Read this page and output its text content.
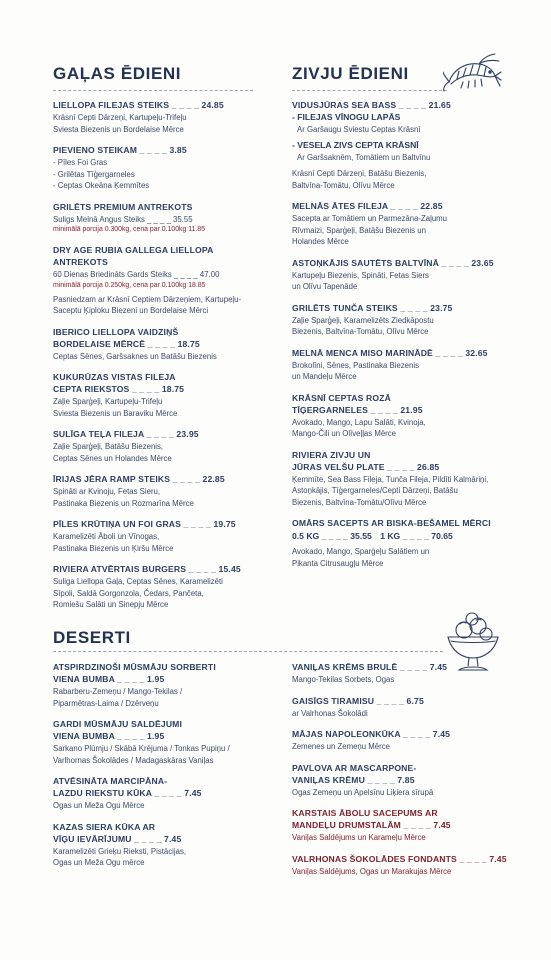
GAĻAS ĒDIENI
LIELLOPA FILEJAS STEIKS _ _ _ _ 24.85
Krāsnī Cepti Dārzeņi, Kartupeļu-Trifeļu
Sviesta Biezenis un Bordelaise Mērce
PIEVIENO STEIKAM _ _ _ _ 3.85
- Pīles Foi Gras
- Grilētas Tīģergarneles
- Ceptas Okeāna Ķemmītes
GRILĒTS PREMIUM ANTREKOTS
Suligs Melnā Angus Steiks _ _ _ _ 35.55
minimālā porcija 0.300kg, cena par 0.100kg 11.85
DRY AGE RUBIA GALLEGA LIELLOPA ANTREKOTS
60 Dienas Briedināts Gards Steiks _ _ _ _ 47.00
minimālā porcija 0.250kg, cena par 0.100kg 18.85
Pasniedzam ar Krāsnī Ceptiem Dārzeņiem, Kartupeļu-
Saceptu Ķiploku Biezeni un Bordelaise Mērci
IBERICO LIELLOPA VAIDZIŅŠ
BORDELAISE MĒRCĒ _ _ _ _ 18.75
Ceptas Sēnes, Garšsaknes un Batāšu Biezenis
KUKURŪZAS VISTAS FILEJA
CEPTA RIEKSTOS _ _ _ _ 18.75
Zaļie Sparģeļi, Kartupeļu-Trifeļu
Sviesta Biezenis un Baraviku Mērce
SULĪGA TEĻA FILEJA _ _ _ _ 23.95
Zaļie Sparģeļi, Batāšu Biezenis,
Ceptas Sēnes un Holandes Mērce
ĪRIJAS JĒRA RAMP STEIKS _ _ _ _ 22.85
Spināti ar Kvinoju, Fetas Sieru,
Pastinaka Biezenis un Rozmarīna Mērce
PĪLES KRŪTIŅA UN FOI GRAS _ _ _ _ 19.75
Karamelizēti Āboli un Vīnogas,
Pastinaka Biezenis un Ķiršu Mērce
RIVIERA ATVĒRTAIS BURGERS _ _ _ _ 15.45
Suliga Liellopa Gaļa, Ceptas Sēnes, Karamelizēti
Sīpoli, Saldā Gorgonzola, Čedars, Pančeta,
Romiešu Salāti un Sinepju Mērce
ZIVJU ĒDIENI
VIDUSJŪRAS SEA BASS _ _ _ _ 21.65
- FILEJAS VĪNOGU LAPĀS
Ar Garšaugu Sviestu Ceptas Krāsnī
- VESELA ZIVS CEPTA KRĀSNĪ
Ar Garšsaknēm, Tomātiem un Baltvīnu
Krāsnī Cepti Dārzeņi, Batāšu Biezenis,
Baltvīna-Tomātu, Olīvu Mērce
MELNĀS ĀTES FILEJA _ _ _ _ 22.85
Sacepta ar Tomātiem un Parmezāna-Zaļumu
Rīvmaizi, Sparģeļi, Batāšu Biezenis un
Holandes Mērce
ASTOŅKĀJIS SAUTĒTS BALTVĪNĀ _ _ _ _ 23.65
Kartupeļu Biezenis, Spināti, Fetas Siers
un Olīvu Tapenāde
GRILĒTS TUNČA STEIKS _ _ _ _ 23.75
Zaļie Sparģeļi, Karamelizēts Ziedkāpostu
Biezenis, Baltvīna-Tomātu, Olīvu Mērce
MELNĀ MENCA MISO MARINĀDĒ _ _ _ _ 32.65
Brokolīni, Sēnes, Pastinaka Biezenis
un Mandeļu Mērce
KRĀSNĪ CEPTAS ROZĀ
TĪĢERGARNELES _ _ _ _ 21.95
Avokado, Mango, Lapu Salāti, Kvinoja,
Mango-Čili un Olīveļļas Mērce
RIVIERA ZIVJU UN
JŪRAS VELŠU PLATE _ _ _ _ 26.85
Ķemmīte, Sea Bass Fileja, Tunča Fileja, Pildīti Kalmāriņi,
Astoņkājis, Tīģergarneles/Cepti Dārzeņi, Batāšu
Biezenis, Baltvīna-Tomātu/Olīvu Mērce
OMĀRS SACEPTS AR BISKA-BEŠAMEL MĒRCI
0.5 KG _ _ _ _ 35.55 1 KG _ _ _ _ 70.65
Avokado, Mango, Sparģeļu Salātiem un
Pikanta Citrusaugļu Mērce
DESERTI
ATSPIRDZINOŠI MŪSMĀJU SORBERTI
VIENA BUMBA _ _ _ _ 1.95
Rabarberu-Zemeņu / Mango-Tekilas /
Piparmētras-Laima / Dzērveņu
GARDI MŪSMĀJU SALDĒJUMI
VIENA BUMBA _ _ _ _ 1.95
Sarkano Plūmju / Skābā Krējuma / Tonkas Pupiņu /
Varlhornas Šokolādes / Madagaskāras Vaniļas
ATVĒSINĀTA MARCIPĀNA-
LAZDU RIEKSTU KŪKA _ _ _ _ 7.45
Ogas un Meža Ogu Mērce
KAZAS SIERA KŪKA AR
VĪĢU IEVĀRĪJUMU _ _ _ _ 7.45
Karamelizēti Grieķu Rieksti, Pistācijas,
Ogas un Meža Ogu mērce
VANIĻAS KRĒMS BRULĒ _ _ _ _ 7.45
Mango-Tekilas Sorbets, Ogas
GAISĪGS TIRAMISU _ _ _ _ 6.75
ar Valrhonas Šokolādi
MĀJAS NAPOLEONKŪKA _ _ _ _ 7.45
Zemenes un Zemeņu Mērce
PAVLOVA AR MASCARPONE-
VANIĻAS KRĒMU _ _ _ _ 7.85
Ogas Zemeņu un Apelsīnu Liķiera sīrupā
KARSTAIS ĀBOLU SACEPUMS AR
MANDEĻU DRUMSTALĀM _ _ _ _ 7.45
Vaniļas Saldējums un Karameļu Mērce
VALRHONAS ŠOKOLĀDES FONDANTS _ _ _ _ 7.45
Vaniļas Saldējums, Ogas un Marakujas Mērce
